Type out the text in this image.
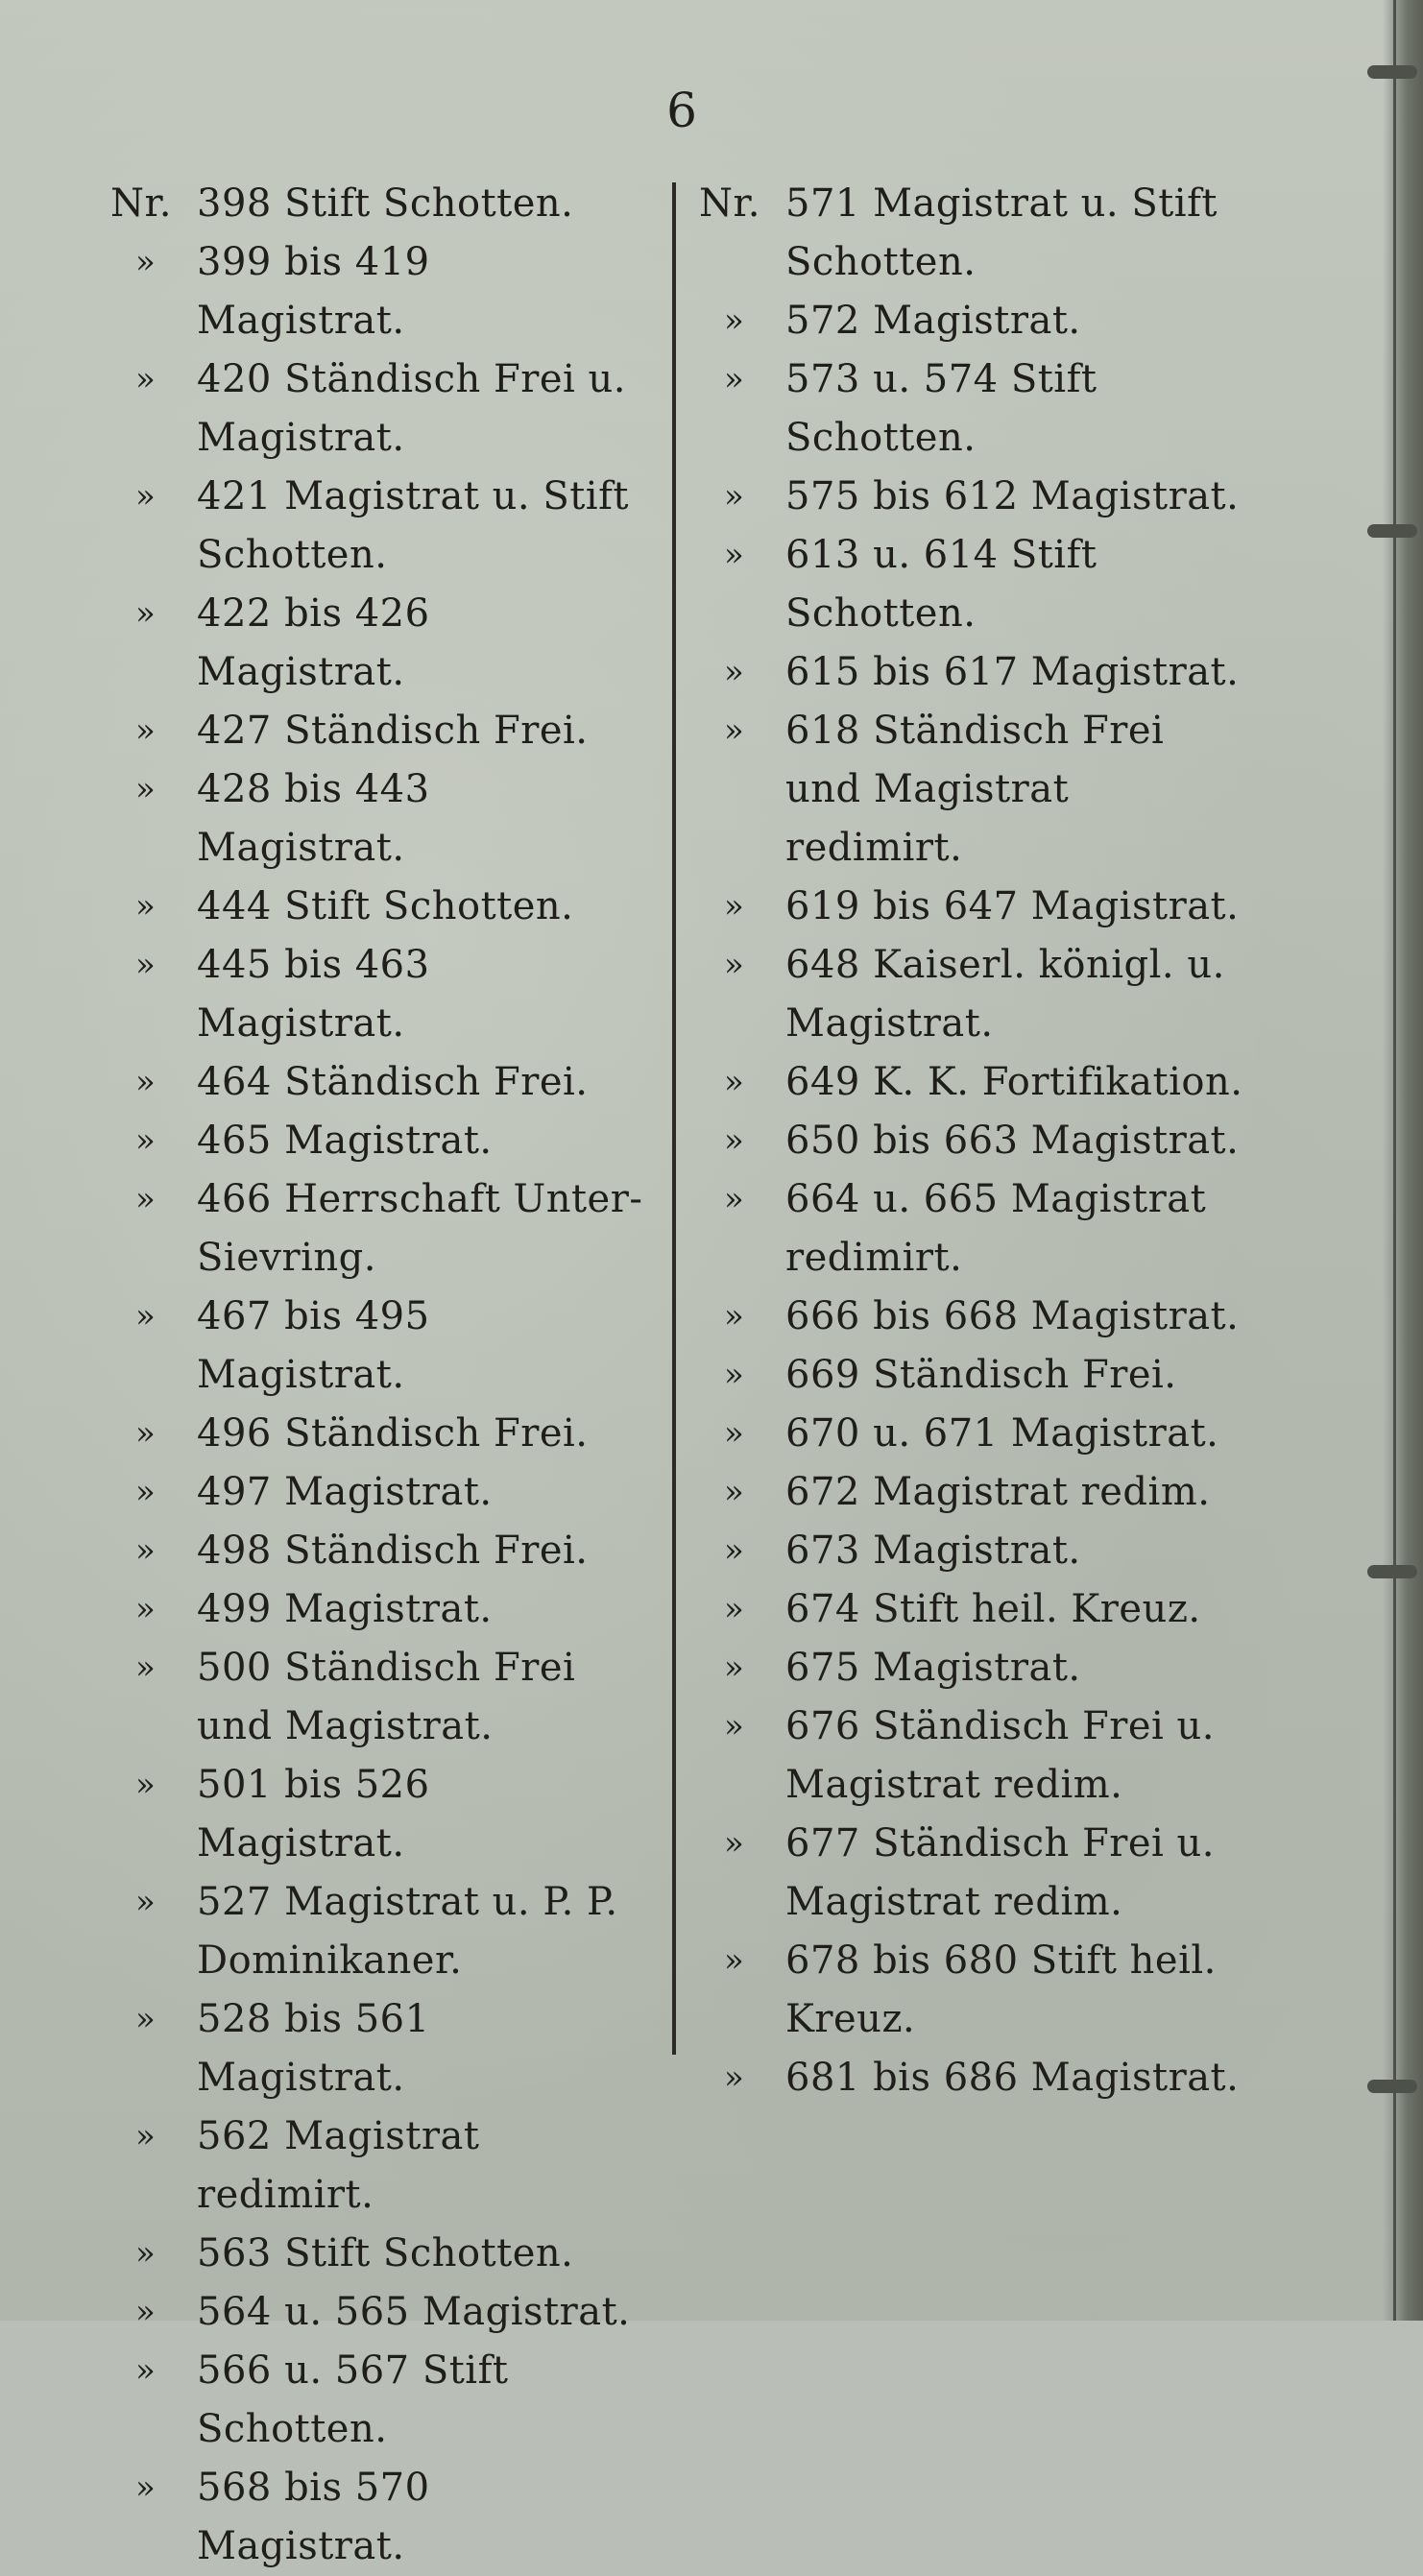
6
Nr. 398 Stift Schotten.
»	399 bis 419 Magistrat.
»	420 Ständisch Frei u. Magistrat.
»	421 Magistrat u. Stift Schotten.
»	422 bis 426 Magistrat.
»	427 Ständisch Frei.
»	428 bis 443 Magistrat.
»	444 Stift Schotten.
»	445 bis 463 Magistrat.
»	464 Ständisch Frei.
»	465 Magistrat.
»	466 Herrschaft Unter-Sievring.
»	467 bis 495 Magistrat.
»	496 Ständisch Frei.
»	497 Magistrat.
»	498 Ständisch Frei.
»	499 Magistrat.
»	500 Ständisch Frei und Magistrat.
»	501 bis 526 Magistrat.
»	527 Magistrat u. P. P. Dominikaner.
»	528 bis 561 Magistrat.
»	562 Magistrat redimirt.
»	563 Stift Schotten.
»	564 u. 565 Magistrat.
»	566 u. 567 Stift Schotten.
»	568 bis 570 Magistrat.
Nr. 571 Magistrat u. Stift Schotten.
»	572 Magistrat.
»	573 u. 574 Stift Schotten.
»	575 bis 612 Magistrat.
»	613 u. 614 Stift Schotten.
»	615 bis 617 Magistrat.
»	618 Ständisch Frei und Magistrat redimirt.
»	619 bis 647 Magistrat.
»	648 Kaiserl. königl. u. Magistrat.
»	649 K. K. Fortifikation.
»	650 bis 663 Magistrat.
»	664 u. 665 Magistrat redimirt.
»	666 bis 668 Magistrat.
»	669 Ständisch Frei.
»	670 u. 671 Magistrat.
»	672 Magistrat redim.
»	673 Magistrat.
»	674 Stift heil. Kreuz.
»	675 Magistrat.
»	676 Ständisch Frei u. Magistrat redim.
»	677 Ständisch Frei u. Magistrat redim.
»	678 bis 680 Stift heil. Kreuz.
»	681 bis 686 Magistrat.
